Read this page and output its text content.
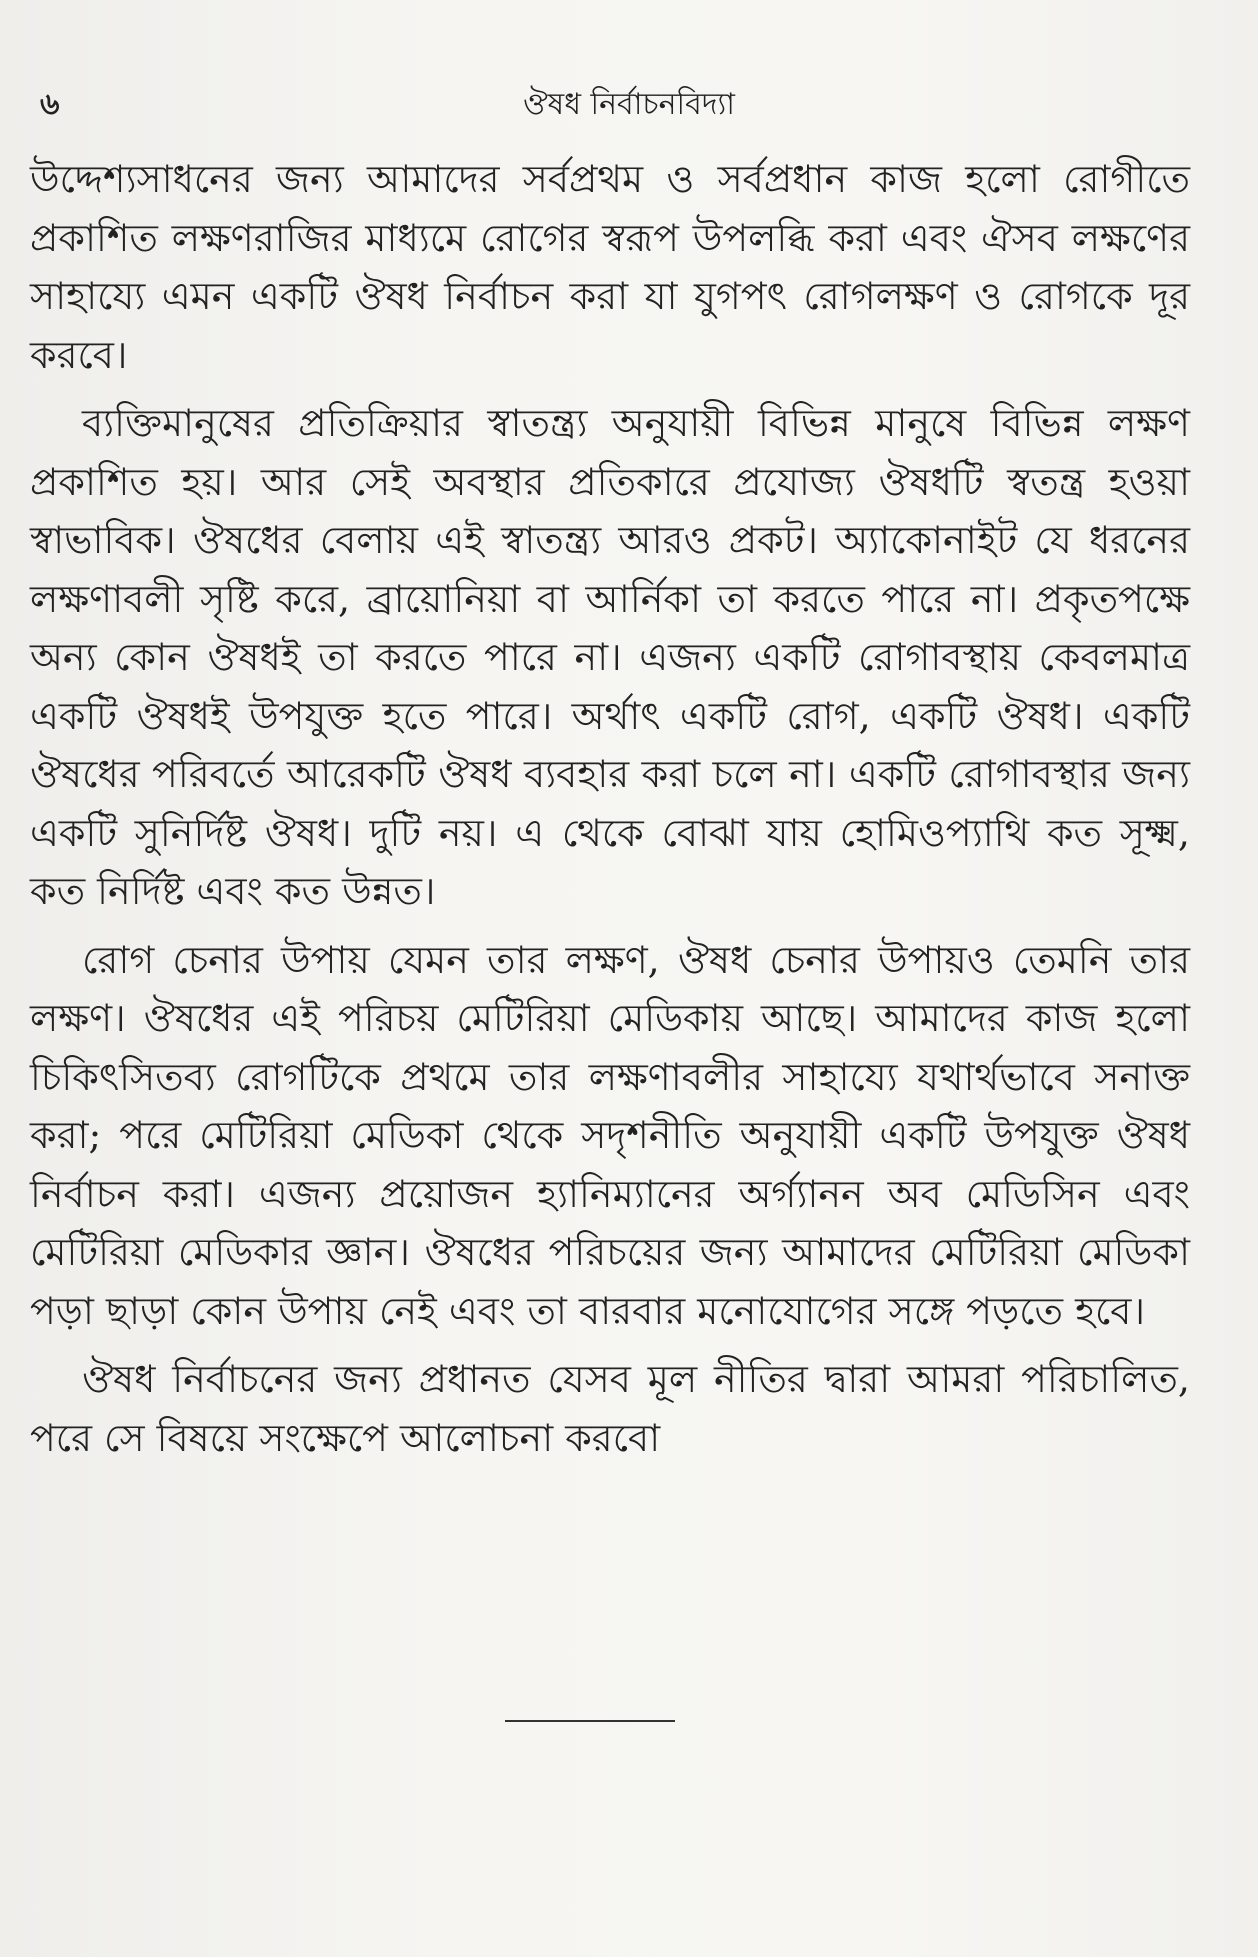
৬	ঔষধ নির্বাচনবিদ্যা

উদ্দেশ্যসাধনের জন্য আমাদের সর্বপ্রথম ও সর্বপ্রধান কাজ হলো রোগীতে প্রকাশিত লক্ষণরাজির মাধ্যমে রোগের স্বরূপ উপলব্ধি করা এবং ঐসব লক্ষণের সাহায্যে এমন একটি ঔষধ নির্বাচন করা যা যুগপৎ রোগলক্ষণ ও রোগকে দূর করবে।

ব্যক্তিমানুষের প্রতিক্রিয়ার স্বাতন্ত্র্য অনুযায়ী বিভিন্ন মানুষে বিভিন্ন লক্ষণ প্রকাশিত হয়। আর সেই অবস্থার প্রতিকারে প্রযোজ্য ঔষধটি স্বতন্ত্র হওয়া স্বাভাবিক। ঔষধের বেলায় এই স্বাতন্ত্র্য আরও প্রকট। অ্যাকোনাইট যে ধরনের লক্ষণাবলী সৃষ্টি করে, ব্রায়োনিয়া বা আর্নিকা তা করতে পারে না। প্রকৃতপক্ষে অন্য কোন ঔষধই তা করতে পারে না। এজন্য একটি রোগাবস্থায় কেবলমাত্র একটি ঔষধই উপযুক্ত হতে পারে। অর্থাৎ একটি রোগ, একটি ঔষধ। একটি ঔষধের পরিবর্তে আরেকটি ঔষধ ব্যবহার করা চলে না। একটি রোগাবস্থার জন্য একটি সুনির্দিষ্ট ঔষধ। দুটি নয়। এ থেকে বোঝা যায় হোমিওপ্যাথি কত সূক্ষ্ম, কত নির্দিষ্ট এবং কত উন্নত।

রোগ চেনার উপায় যেমন তার লক্ষণ, ঔষধ চেনার উপায়ও তেমনি তার লক্ষণ। ঔষধের এই পরিচয় মেটিরিয়া মেডিকায় আছে। আমাদের কাজ হলো চিকিৎসিতব্য রোগটিকে প্রথমে তার লক্ষণাবলীর সাহায্যে যথার্থভাবে সনাক্ত করা; পরে মেটিরিয়া মেডিকা থেকে সদৃশনীতি অনুযায়ী একটি উপযুক্ত ঔষধ নির্বাচন করা। এজন্য প্রয়োজন হ্যানিম্যানের অর্গ্যানন অব মেডিসিন এবং মেটিরিয়া মেডিকার জ্ঞান। ঔষধের পরিচয়ের জন্য আমাদের মেটিরিয়া মেডিকা পড়া ছাড়া কোন উপায় নেই এবং তা বারবার মনোযোগের সঙ্গে পড়তে হবে।

ঔষধ নির্বাচনের জন্য প্রধানত যেসব মূল নীতির দ্বারা আমরা পরিচালিত, পরে সে বিষয়ে সংক্ষেপে আলোচনা করবো
